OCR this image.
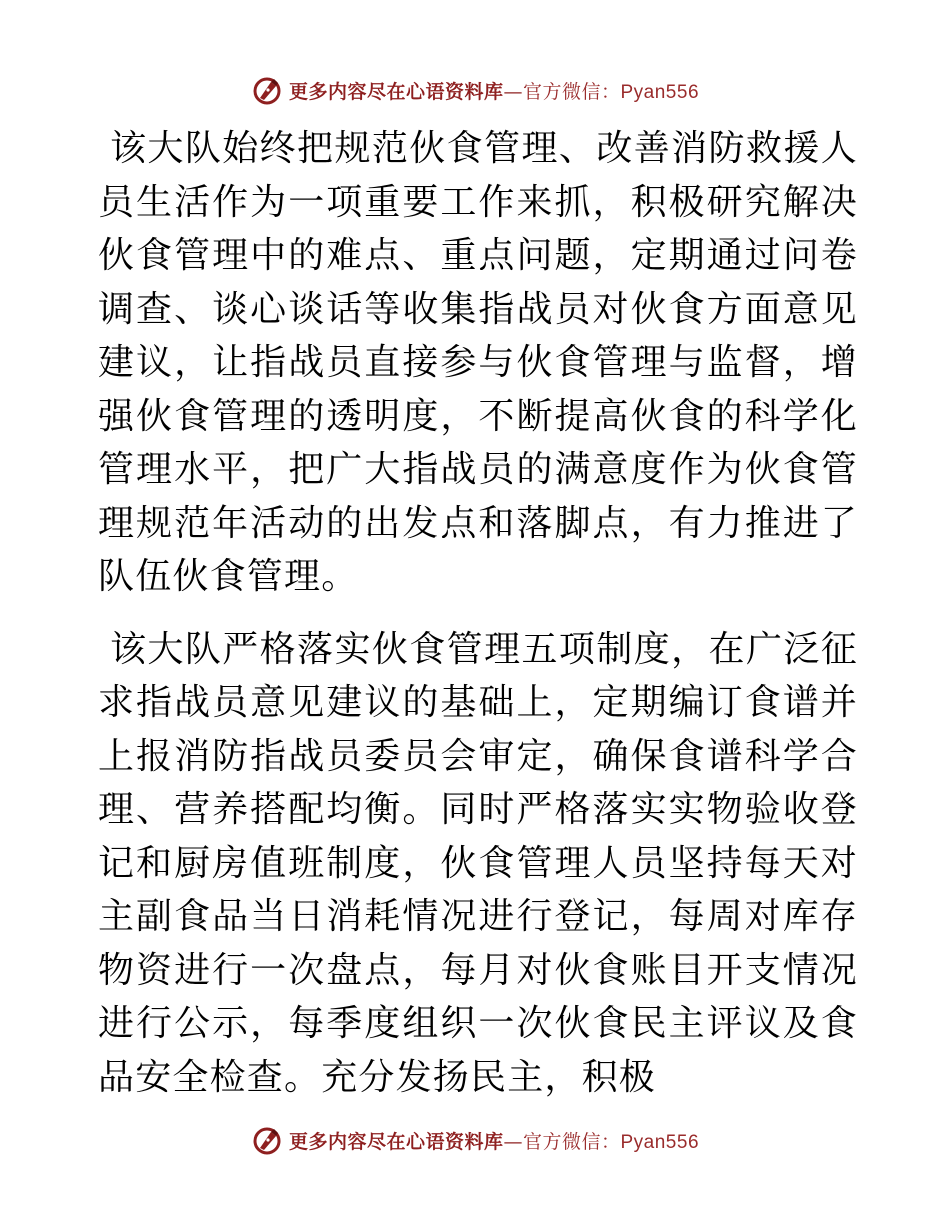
更多内容尽在心语资料库—官方微信：Pyan556

该大队始终把规范伙食管理、改善消防救援人员生活作为一项重要工作来抓，积极研究解决伙食管理中的难点、重点问题，定期通过问卷调查、谈心谈话等收集指战员对伙食方面意见建议，让指战员直接参与伙食管理与监督，增强伙食管理的透明度，不断提高伙食的科学化管理水平，把广大指战员的满意度作为伙食管理规范年活动的出发点和落脚点，有力推进了队伍伙食管理。

该大队严格落实伙食管理五项制度，在广泛征求指战员意见建议的基础上，定期编订食谱并上报消防指战员委员会审定，确保食谱科学合理、营养搭配均衡。同时严格落实实物验收登记和厨房值班制度，伙食管理人员坚持每天对主副食品当日消耗情况进行登记，每周对库存物资进行一次盘点，每月对伙食账目开支情况进行公示，每季度组织一次伙食民主评议及食品安全检查。充分发扬民主，积极

更多内容尽在心语资料库—官方微信：Pyan556
